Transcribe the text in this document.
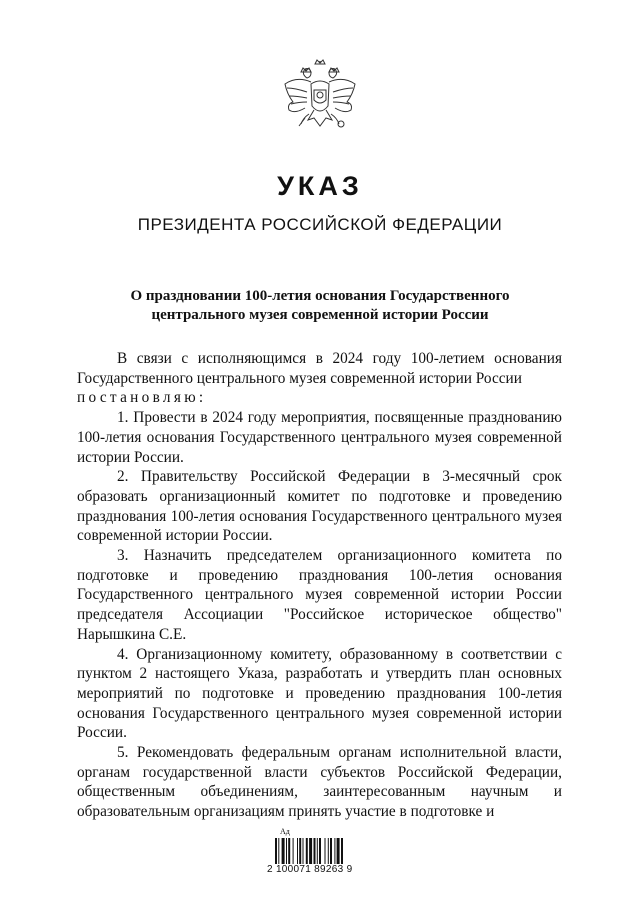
УКАЗ
ПРЕЗИДЕНТА РОССИЙСКОЙ ФЕДЕРАЦИИ
О праздновании 100-летия основания Государственного
центрального музея современной истории России

В связи с исполняющимся в 2024 году 100-летием основания Государственного центрального музея современной истории России

постановляю:

1. Провести в 2024 году мероприятия, посвященные празднованию 100-летия основания Государственного центрального музея современной истории России.

2. Правительству Российской Федерации в 3-месячный срок образовать организационный комитет по подготовке и проведению празднования 100-летия основания Государственного центрального музея современной истории России.

3. Назначить председателем организационного комитета по подготовке и проведению празднования 100-летия основания Государственного центрального музея современной истории России председателя Ассоциации "Российское историческое общество" Нарышкина С.Е.

4. Организационному комитету, образованному в соответствии с пунктом 2 настоящего Указа, разработать и утвердить план основных мероприятий по подготовке и проведению празднования 100-летия основания Государственного центрального музея современной истории России.

5. Рекомендовать федеральным органам исполнительной власти, органам государственной власти субъектов Российской Федерации, общественным объединениям, заинтересованным научным и образовательным организациям принять участие в подготовке и

Ад
2 100071 89263 9
